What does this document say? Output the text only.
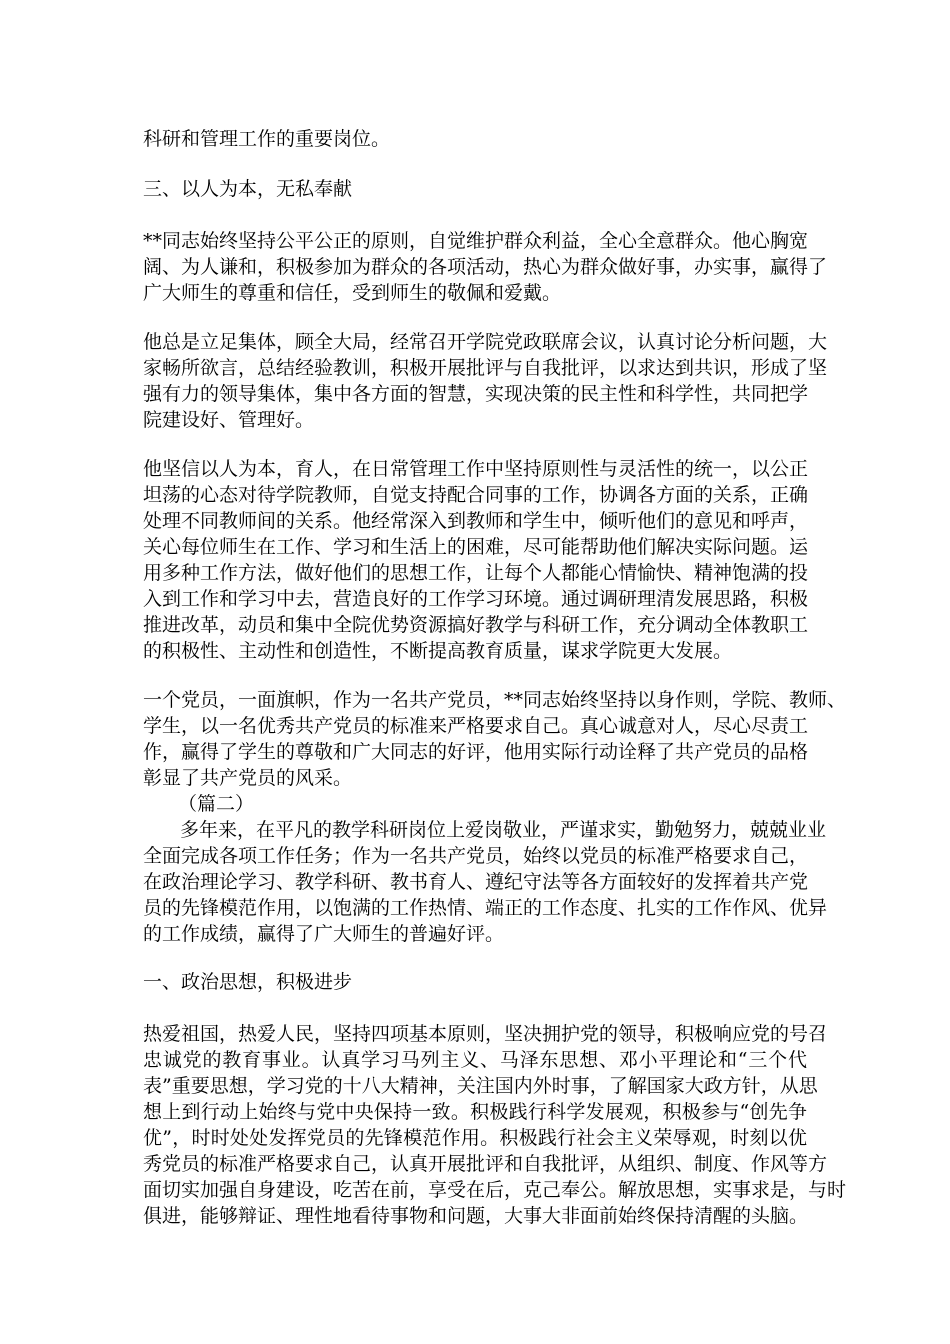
科研和管理工作的重要岗位。
三、以人为本，无私奉献
**同志始终坚持公平公正的原则，自觉维护群众利益，全心全意群众。他心胸宽
阔、为人谦和，积极参加为群众的各项活动，热心为群众做好事，办实事，赢得了
广大师生的尊重和信任，受到师生的敬佩和爱戴。
他总是立足集体，顾全大局，经常召开学院党政联席会议，认真讨论分析问题，大
家畅所欲言，总结经验教训，积极开展批评与自我批评，以求达到共识，形成了坚
强有力的领导集体，集中各方面的智慧，实现决策的民主性和科学性，共同把学
院建设好、管理好。
他坚信以人为本，育人，在日常管理工作中坚持原则性与灵活性的统一，以公正
坦荡的心态对待学院教师，自觉支持配合同事的工作，协调各方面的关系，正确
处理不同教师间的关系。他经常深入到教师和学生中，倾听他们的意见和呼声，
关心每位师生在工作、学习和生活上的困难，尽可能帮助他们解决实际问题。运
用多种工作方法，做好他们的思想工作，让每个人都能心情愉快、精神饱满的投
入到工作和学习中去，营造良好的工作学习环境。通过调研理清发展思路，积极
推进改革，动员和集中全院优势资源搞好教学与科研工作，充分调动全体教职工
的积极性、主动性和创造性，不断提高教育质量，谋求学院更大发展。
一个党员，一面旗帜，作为一名共产党员，**同志始终坚持以身作则，学院、教师、
学生，以一名优秀共产党员的标准来严格要求自己。真心诚意对人，尽心尽责工
作，赢得了学生的尊敬和广大同志的好评，他用实际行动诠释了共产党员的品格
彰显了共产党员的风采。
（篇二）
多年来，在平凡的教学科研岗位上爱岗敬业，严谨求实，勤勉努力，兢兢业业
全面完成各项工作任务；作为一名共产党员，始终以党员的标准严格要求自己，
在政治理论学习、教学科研、教书育人、遵纪守法等各方面较好的发挥着共产党
员的先锋模范作用，以饱满的工作热情、端正的工作态度、扎实的工作作风、优异
的工作成绩，赢得了广大师生的普遍好评。
一、政治思想，积极进步
热爱祖国，热爱人民，坚持四项基本原则，坚决拥护党的领导，积极响应党的号召
忠诚党的教育事业。认真学习马列主义、马泽东思想、邓小平理论和“三个代
表”重要思想，学习党的十八大精神，关注国内外时事，了解国家大政方针，从思
想上到行动上始终与党中央保持一致。积极践行科学发展观，积极参与“创先争
优”，时时处处发挥党员的先锋模范作用。积极践行社会主义荣辱观，时刻以优
秀党员的标准严格要求自己，认真开展批评和自我批评，从组织、制度、作风等方
面切实加强自身建设，吃苦在前，享受在后，克己奉公。解放思想，实事求是，与时
俱进，能够辩证、理性地看待事物和问题，大事大非面前始终保持清醒的头脑。
